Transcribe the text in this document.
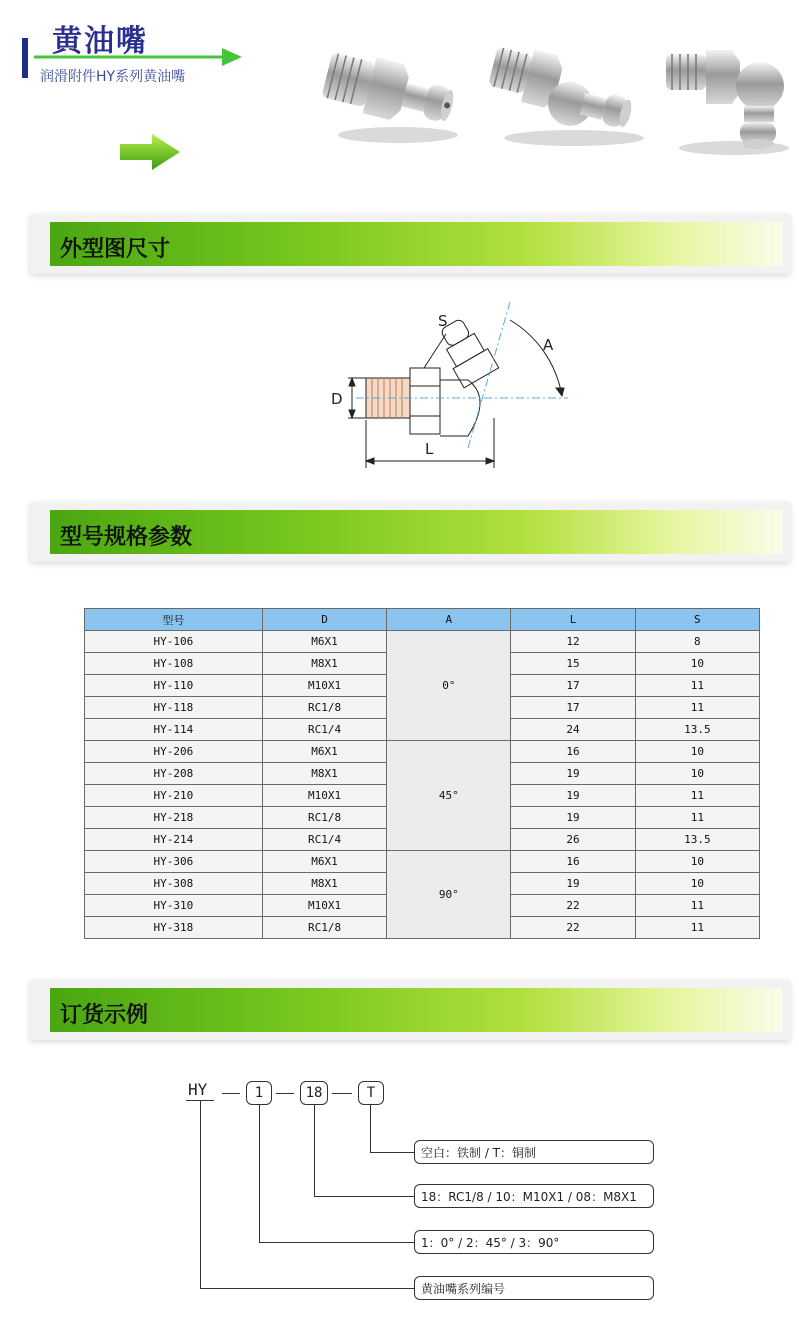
黄油嘴
润滑附件HY系列黄油嘴
外型图尺寸
S
A
D
L
型号规格参数
型号	D	A	L	S
HY-106	M6X1	0°	12	8
HY-108	M8X1		15	10
HY-110	M10X1		17	11
HY-118	RC1/8		17	11
HY-114	RC1/4		24	13.5
HY-206	M6X1	45°	16	10
HY-208	M8X1		19	10
HY-210	M10X1		19	11
HY-218	RC1/8		19	11
HY-214	RC1/4		26	13.5
HY-306	M6X1	90°	16	10
HY-308	M8X1		19	10
HY-310	M10X1		22	11
HY-318	RC1/8		22	11
订货示例
HY	1	18	T
空白：铁制 / T：铜制
18：RC1/8 / 10：M10X1 / 08：M8X1
1：0° / 2：45° / 3：90°
黄油嘴系列编号
